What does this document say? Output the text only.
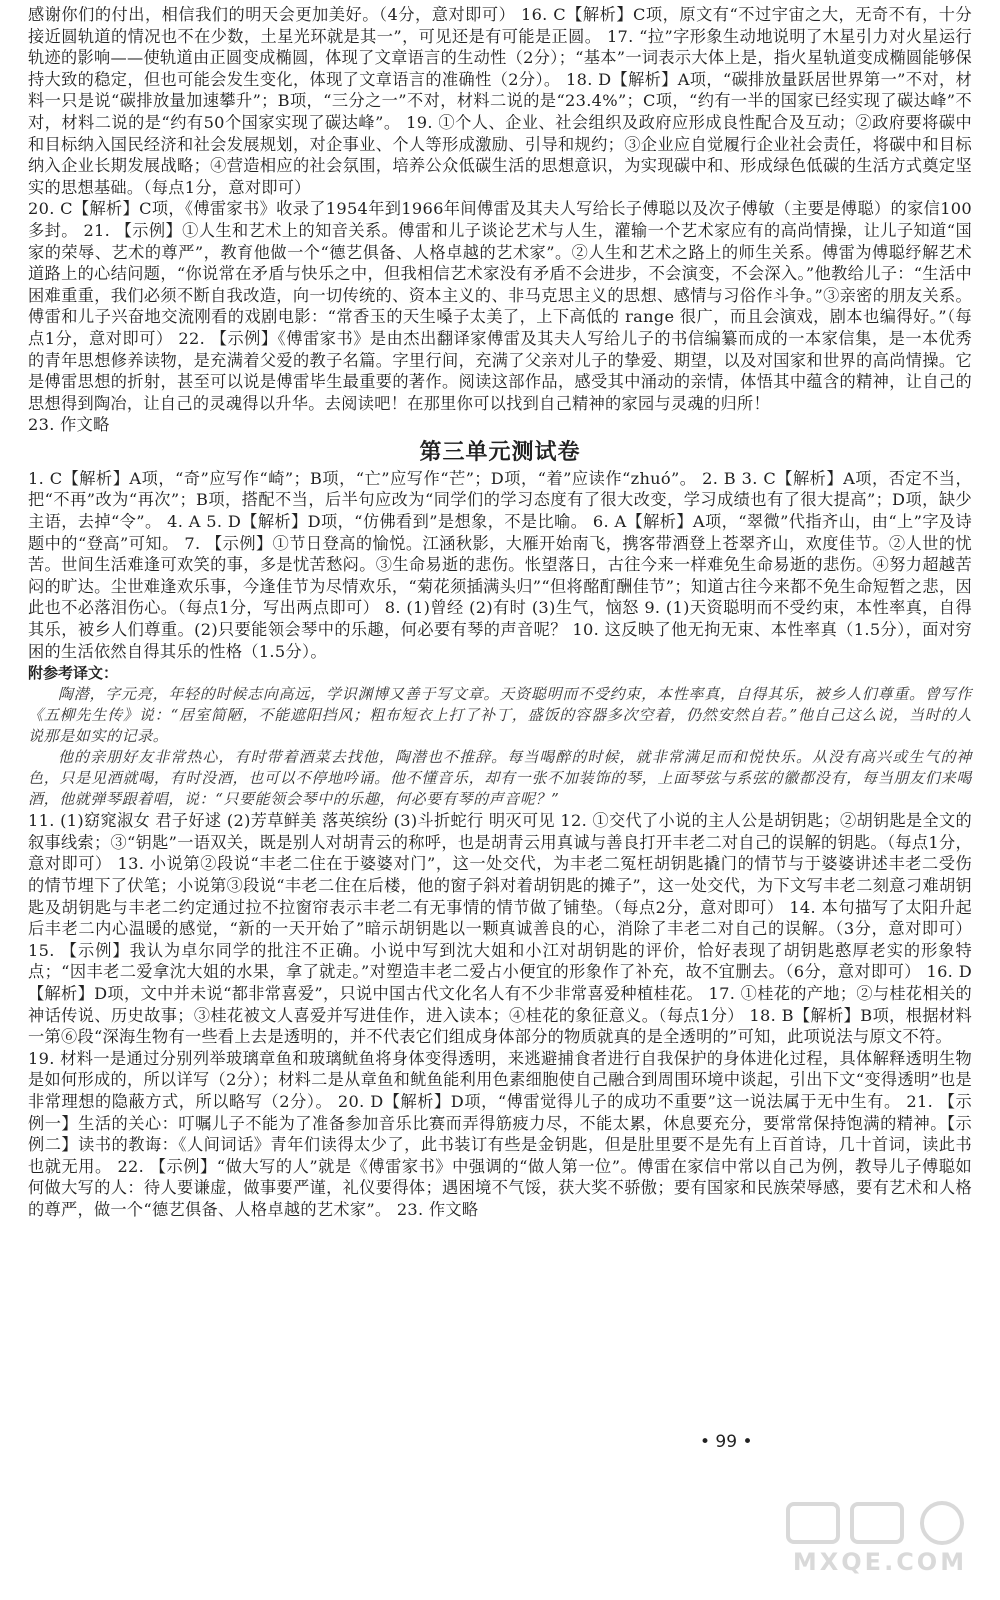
感谢你们的付出，相信我们的明天会更加美好。（4分，意对即可） 16. C【解析】C项，原文有“不过宇宙之大，无奇不有，十分接近圆轨道的情况也不在少数，土星光环就是其一”，可见还是有可能是正圆。 17. “拉”字形象生动地说明了木星引力对火星运行轨迹的影响——使轨道由正圆变成椭圆，体现了文章语言的生动性（2分）；“基本”一词表示大体上是，指火星轨道变成椭圆能够保持大致的稳定，但也可能会发生变化，体现了文章语言的准确性（2分）。 18. D【解析】A项，“碳排放量跃居世界第一”不对，材料一只是说“碳排放量加速攀升”；B项，“三分之一”不对，材料二说的是“23.4%”；C项，“约有一半的国家已经实现了碳达峰”不对，材料二说的是“约有50个国家实现了碳达峰”。 19. ①个人、企业、社会组织及政府应形成良性配合及互动；②政府要将碳中和目标纳入国民经济和社会发展规划，对企事业、个人等形成激励、引导和规约；③企业应自觉履行企业社会责任，将碳中和目标纳入企业长期发展战略；④营造相应的社会氛围，培养公众低碳生活的思想意识，为实现碳中和、形成绿色低碳的生活方式奠定坚实的思想基础。（每点1分，意对即可）

20. C【解析】C项，《傅雷家书》收录了1954年到1966年间傅雷及其夫人写给长子傅聪以及次子傅敏（主要是傅聪）的家信100多封。 21. 【示例】①人生和艺术上的知音关系。傅雷和儿子谈论艺术与人生，灌输一个艺术家应有的高尚情操，让儿子知道“国家的荣辱、艺术的尊严”，教育他做一个“德艺俱备、人格卓越的艺术家”。②人生和艺术之路上的师生关系。傅雷为傅聪纾解艺术道路上的心结问题，“你说常在矛盾与快乐之中，但我相信艺术家没有矛盾不会进步，不会演变，不会深入。”他教给儿子：“生活中困难重重，我们必须不断自我改造，向一切传统的、资本主义的、非马克思主义的思想、感情与习俗作斗争。”③亲密的朋友关系。傅雷和儿子兴奋地交流刚看的戏剧电影：“常香玉的天生嗓子太美了，上下高低的 range 很广，而且会演戏，剧本也编得好。”（每点1分，意对即可） 22. 【示例】《傅雷家书》是由杰出翻译家傅雷及其夫人写给儿子的书信编纂而成的一本家信集，是一本优秀的青年思想修养读物，是充满着父爱的教子名篇。字里行间，充满了父亲对儿子的挚爱、期望，以及对国家和世界的高尚情操。它是傅雷思想的折射，甚至可以说是傅雷毕生最重要的著作。阅读这部作品，感受其中涌动的亲情，体悟其中蕴含的精神，让自己的思想得到陶冶，让自己的灵魂得以升华。去阅读吧！在那里你可以找到自己精神的家园与灵魂的归所！

23. 作文略

第三单元测试卷

1. C【解析】A项，“奇”应写作“崎”；B项，“亡”应写作“芒”；D项，“着”应读作“zhuó”。 2. B 3. C【解析】A项，否定不当，把“不再”改为“再次”；B项，搭配不当，后半句应改为“同学们的学习态度有了很大改变，学习成绩也有了很大提高”；D项，缺少主语，去掉“令”。 4. A 5. D【解析】D项，“仿佛看到”是想象，不是比喻。 6. A【解析】A项，“翠微”代指齐山，由“上”字及诗题中的“登高”可知。 7. 【示例】①节日登高的愉悦。江涵秋影，大雁开始南飞，携客带酒登上苍翠齐山，欢度佳节。②人世的忧苦。世间生活难逢可欢笑的事，多是忧苦愁闷。③生命易逝的悲伤。怅望落日，古往今来一样难免生命易逝的悲伤。④努力超越苦闷的旷达。尘世难逢欢乐事，今逢佳节为尽情欢乐，“菊花须插满头归”“但将酩酊酬佳节”；知道古往今来都不免生命短暂之悲，因此也不必落泪伤心。（每点1分，写出两点即可） 8. (1)曾经 (2)有时 (3)生气，恼怒 9. (1)天资聪明而不受约束，本性率真，自得其乐，被乡人们尊重。(2)只要能领会琴中的乐趣，何必要有琴的声音呢？ 10. 这反映了他无拘无束、本性率真（1.5分），面对穷困的生活依然自得其乐的性格（1.5分）。

附参考译文：

陶潜，字元亮，年轻的时候志向高远，学识渊博又善于写文章。天资聪明而不受约束，本性率真，自得其乐，被乡人们尊重。曾写作《五柳先生传》说：“居室简陋，不能遮阳挡风；粗布短衣上打了补丁，盛饭的容器多次空着，仍然安然自若。”他自己这么说，当时的人说那是如实的记录。

他的亲朋好友非常热心，有时带着酒菜去找他，陶潜也不推辞。每当喝醉的时候，就非常满足而和悦快乐。从没有高兴或生气的神色，只是见酒就喝，有时没酒，也可以不停地吟诵。他不懂音乐，却有一张不加装饰的琴，上面琴弦与系弦的徽都没有，每当朋友们来喝酒，他就弹琴跟着唱，说：“只要能领会琴中的乐趣，何必要有琴的声音呢？”

11. (1)窈窕淑女 君子好逑 (2)芳草鲜美 落英缤纷 (3)斗折蛇行 明灭可见 12. ①交代了小说的主人公是胡钥匙；②胡钥匙是全文的叙事线索；③“钥匙”一语双关，既是别人对胡青云的称呼，也是胡青云用真诚与善良打开丰老二对自己的误解的钥匙。（每点1分，意对即可） 13. 小说第②段说“丰老二住在于婆婆对门”，这一处交代，为丰老二冤枉胡钥匙撬门的情节与于婆婆讲述丰老二受伤的情节埋下了伏笔；小说第③段说“丰老二住在后楼，他的窗子斜对着胡钥匙的摊子”，这一处交代，为下文写丰老二刻意刁难胡钥匙及胡钥匙与丰老二约定通过拉不拉窗帘表示丰老二有无事情的情节做了铺垫。（每点2分，意对即可） 14. 本句描写了太阳升起后丰老二内心温暖的感觉，“新的一天开始了”暗示胡钥匙以一颗真诚善良的心，消除了丰老二对自己的误解。（3分，意对即可） 15. 【示例】我认为卓尔同学的批注不正确。小说中写到沈大姐和小江对胡钥匙的评价，恰好表现了胡钥匙憨厚老实的形象特点；“因丰老二爱拿沈大姐的水果，拿了就走。”对塑造丰老二爱占小便宜的形象作了补充，故不宜删去。（6分，意对即可） 16. D【解析】D项，文中并未说“都非常喜爱”，只说中国古代文化名人有不少非常喜爱种植桂花。 17. ①桂花的产地；②与桂花相关的神话传说、历史故事；③桂花被文人喜爱并写进佳作，进入读本；④桂花的象征意义。（每点1分） 18. B【解析】B项，根据材料一第⑥段“深海生物有一些看上去是透明的，并不代表它们组成身体部分的物质就真的是全透明的”可知，此项说法与原文不符。

19. 材料一是通过分别列举玻璃章鱼和玻璃鱿鱼将身体变得透明，来逃避捕食者进行自我保护的身体进化过程，具体解释透明生物是如何形成的，所以详写（2分）；材料二是从章鱼和鱿鱼能利用色素细胞使自己融合到周围环境中谈起，引出下文“变得透明”也是非常理想的隐蔽方式，所以略写（2分）。 20. D【解析】D项，“傅雷觉得儿子的成功不重要”这一说法属于无中生有。 21. 【示例一】生活的关心：叮嘱儿子不能为了准备参加音乐比赛而弄得筋疲力尽，不能太累，休息要充分，要常常保持饱满的精神。【示例二】读书的教诲：《人间词话》青年们读得太少了，此书装订有些是金钥匙，但是肚里要不是先有上百首诗，几十首词，读此书也就无用。 22. 【示例】“做大写的人”就是《傅雷家书》中强调的“做人第一位”。傅雷在家信中常以自己为例，教导儿子傅聪如何做大写的人：待人要谦虚，做事要严谨，礼仪要得体；遇困境不气馁，获大奖不骄傲；要有国家和民族荣辱感，要有艺术和人格的尊严，做一个“德艺俱备、人格卓越的艺术家”。 23. 作文略

• 99 •
MXQE.COM
